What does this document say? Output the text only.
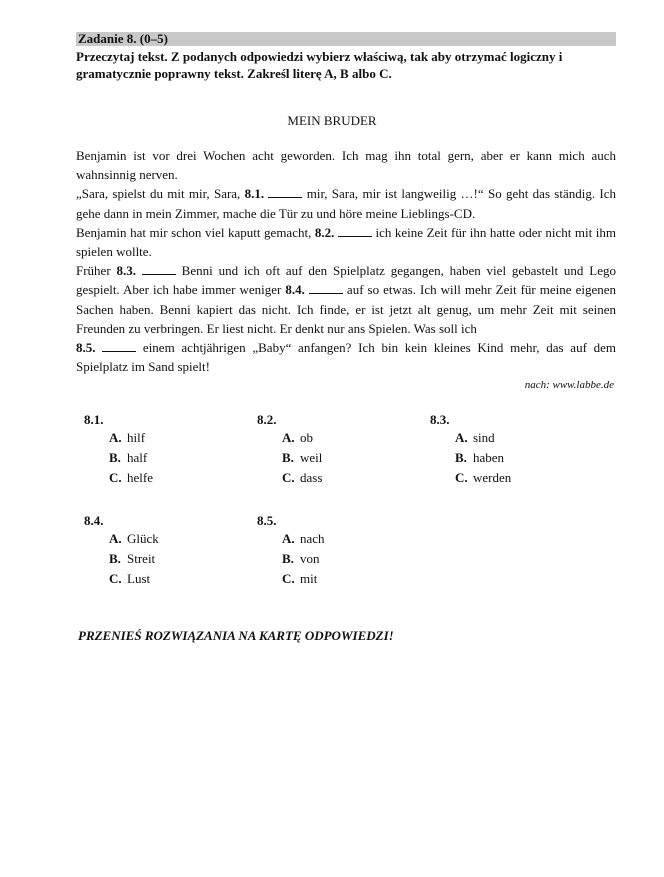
Zadanie 8. (0–5)
Przeczytaj tekst. Z podanych odpowiedzi wybierz właściwą, tak aby otrzymać logiczny i gramatycznie poprawny tekst. Zakreśl literę A, B albo C.
MEIN BRUDER

Benjamin ist vor drei Wochen acht geworden. Ich mag ihn total gern, aber er kann mich auch wahnsinnig nerven.

„Sara, spielst du mit mir, Sara, 8.1.	mir, Sara, mir ist langweilig …!“ So geht das ständig. Ich gehe dann in mein Zimmer, mache die Tür zu und höre meine Lieblings-CD.

Benjamin hat mir schon viel kaputt gemacht, 8.2.	ich keine Zeit für ihn hatte oder nicht mit ihm spielen wollte.

Früher 8.3.	Benni und ich oft auf den Spielplatz gegangen, haben viel gebastelt und Lego gespielt. Aber ich habe immer weniger 8.4.	auf so etwas. Ich will mehr Zeit für meine eigenen Sachen haben. Benni kapiert das nicht. Ich finde, er ist jetzt alt genug, um mehr Zeit mit seinen Freunden zu verbringen. Er liest nicht. Er denkt nur ans Spielen. Was soll ich
8.5.	einem achtjährigen „Baby“ anfangen? Ich bin kein kleines Kind mehr, das auf dem Spielplatz im Sand spielt!

nach: www.labbe.de
8.1.
A. hilf
B. half
C. helfe
8.2.
A. ob
B. weil
C. dass
8.3.
A. sind
B. haben
C. werden
8.4.
A. Glück
B. Streit
C. Lust
8.5.
A. nach
B. von
C. mit
PRZENIEŚ ROZWIĄZANIA NA KARTĘ ODPOWIEDZI!
